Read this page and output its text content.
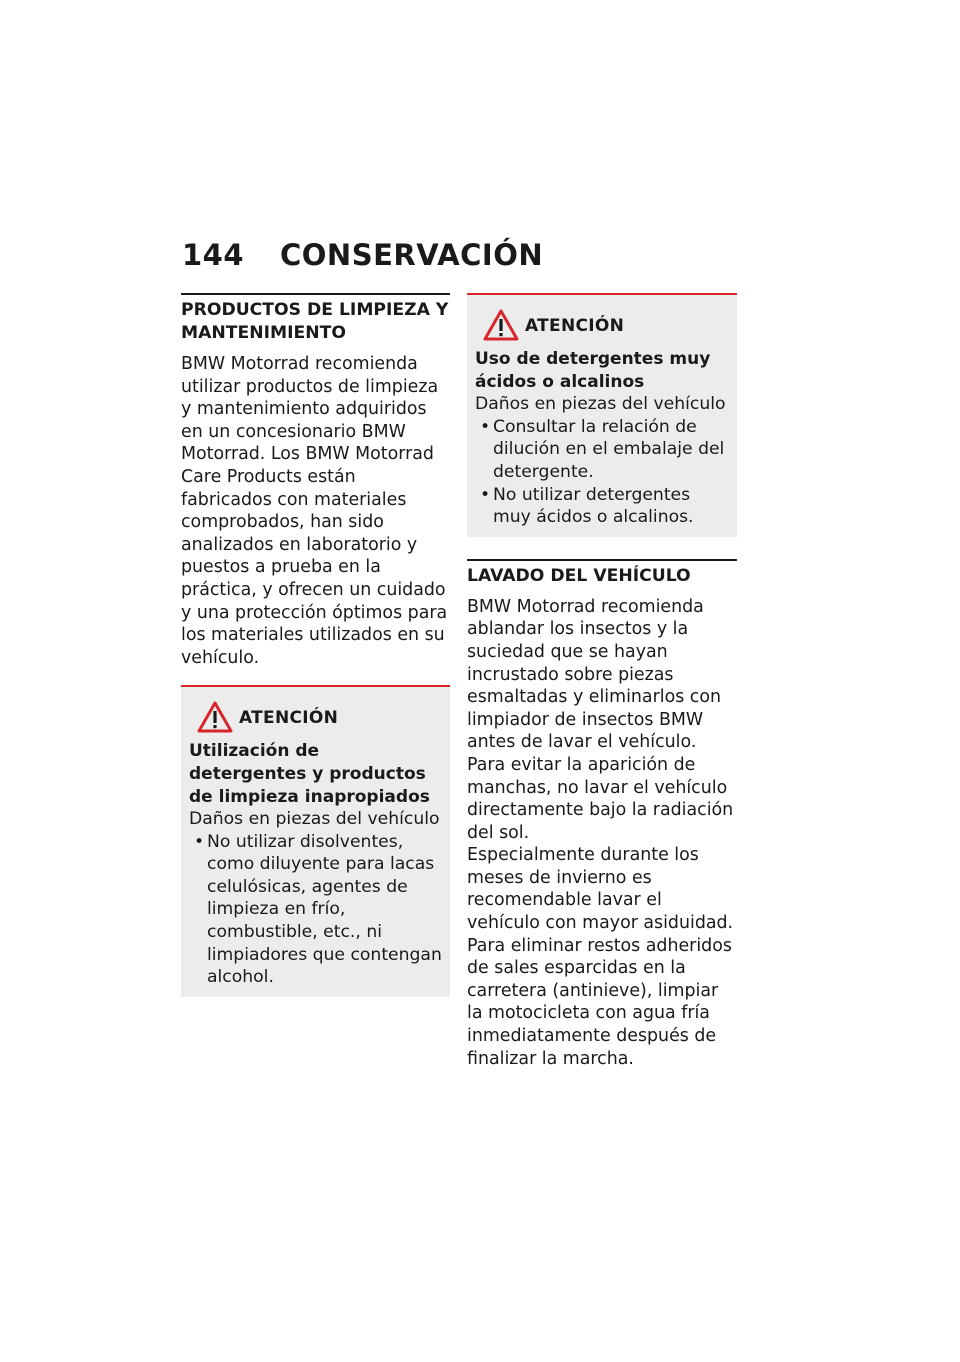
144	CONSERVACIÓN
PRODUCTOS DE LIMPIEZA Y MANTENIMIENTO

BMW Motorrad recomienda utilizar productos de limpieza y mantenimiento adquiridos en un concesionario BMW Motorrad. Los BMW Motorrad Care Products están fabricados con materiales comprobados, han sido analizados en laboratorio y puestos a prueba en la práctica, y ofrecen un cuidado y una protección óptimos para los materiales utilizados en su vehículo.

ATENCIÓN

Utilización de detergentes y productos de limpieza inapropiados

Daños en piezas del vehículo

• No utilizar disolventes, como diluyente para lacas celulósicas, agentes de limpieza en frío, combustible, etc., ni limpiadores que contengan alcohol.
ATENCIÓN

Uso de detergentes muy ácidos o alcalinos

Daños en piezas del vehículo

• Consultar la relación de dilución en el embalaje del detergente.
• No utilizar detergentes muy ácidos o alcalinos.
LAVADO DEL VEHÍCULO

BMW Motorrad recomienda ablandar los insectos y la suciedad que se hayan incrustado sobre piezas esmaltadas y eliminarlos con limpiador de insectos BMW antes de lavar el vehículo.

Para evitar la aparición de manchas, no lavar el vehículo directamente bajo la radiación del sol.

Especialmente durante los meses de invierno es recomendable lavar el vehículo con mayor asiduidad.

Para eliminar restos adheridos de sales esparcidas en la carretera (antinieve), limpiar la motocicleta con agua fría inmediatamente después de finalizar la marcha.
